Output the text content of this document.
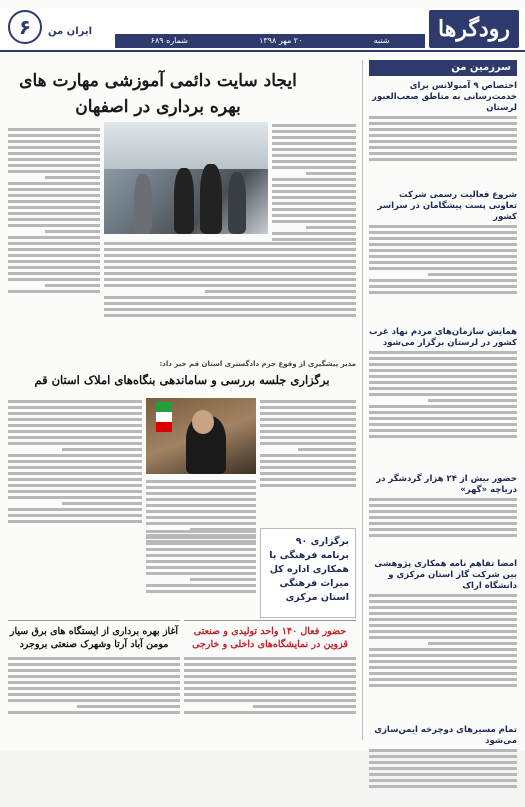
رودگرها
شنبه
۲۰ مهر ۱۳۹۸
شماره ۶۸۹
ایران من
۶
سرزمین من
اختصاص ۹ آمبولانس برای خدمت‌رسانی به مناطق صعب‌العبور لرستان
شروع فعالیت رسمی شرکت تعاونی پست پیشگامان در سراسر کشور
همایش سازمان‌های مردم نهاد غرب کشور در لرستان برگزار می‌شود
حضور بیش از ۲۴ هزار گردشگر در دریاچه «گهر»
امضا تفاهم نامه همکاری پژوهشی بین شرکت گاز استان مرکزی و دانشگاه اراک
تمام مسیرهای دوچرخه ایمن‌سازی می‌شود
ایجاد سایت دائمی آموزشی مهارت های بهره برداری در اصفهان
مدیر پیشگیری از وقوع جرم دادگستری استان قم خبر داد:
برگزاری جلسه بررسی و ساماندهی بنگاه‌های املاک استان قم
برگزاری ۹۰ برنامه فرهنگی با همکاری اداره کل میراث فرهنگی استان مرکزی
آغاز بهره برداری از ایستگاه های برق سیار مومن آباد آرتا وشهرک صنعتی بروجرد
حضور فعال ۱۴۰ واحد تولیدی و صنعتی قزوین در نمایشگاه‌های داخلی و خارجی
